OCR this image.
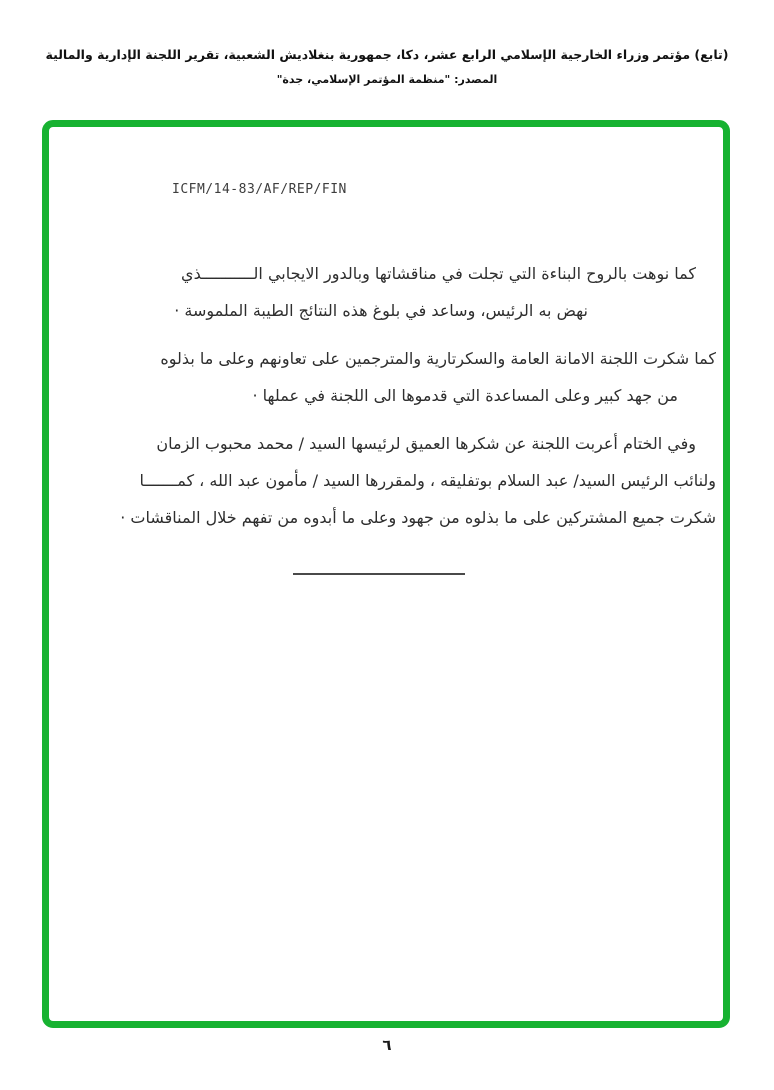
(تابع) مؤتمر وزراء الخارجية الإسلامي الرابع عشر، دكا، جمهورية بنغلاديش الشعبية، تقرير اللجنة الإدارية والمالية
المصدر: "منظمة المؤتمر الإسلامي، جدة"
ICFM/14-83/AF/REP/FIN

كما نوهت بالروح البناءة التي تجلت في مناقشاتها وبالدور الايجابي الـــــــــــذي
نهض به الرئيس، وساعد في بلوغ هذه النتائج الطيبة الملموسة ·

كما شكرت اللجنة الامانة العامة والسكرتارية والمترجمين على تعاونهم وعلى ما بذلوه
من جهد كبير وعلى المساعدة التي قدموها الى اللجنة في عملها ·

وفي الختام أعربت اللجنة عن شكرها العميق لرئيسها السيد / محمد محبوب الزمان
ولنائب الرئيس السيد/ عبد السلام بوتفليقه ، ولمقررها السيد / مأمون عبد الله ، كمـــــــا
شكرت جميع المشتركين على ما بذلوه من جهود وعلى ما أبدوه من تفهم خلال المناقشات ·

٦
